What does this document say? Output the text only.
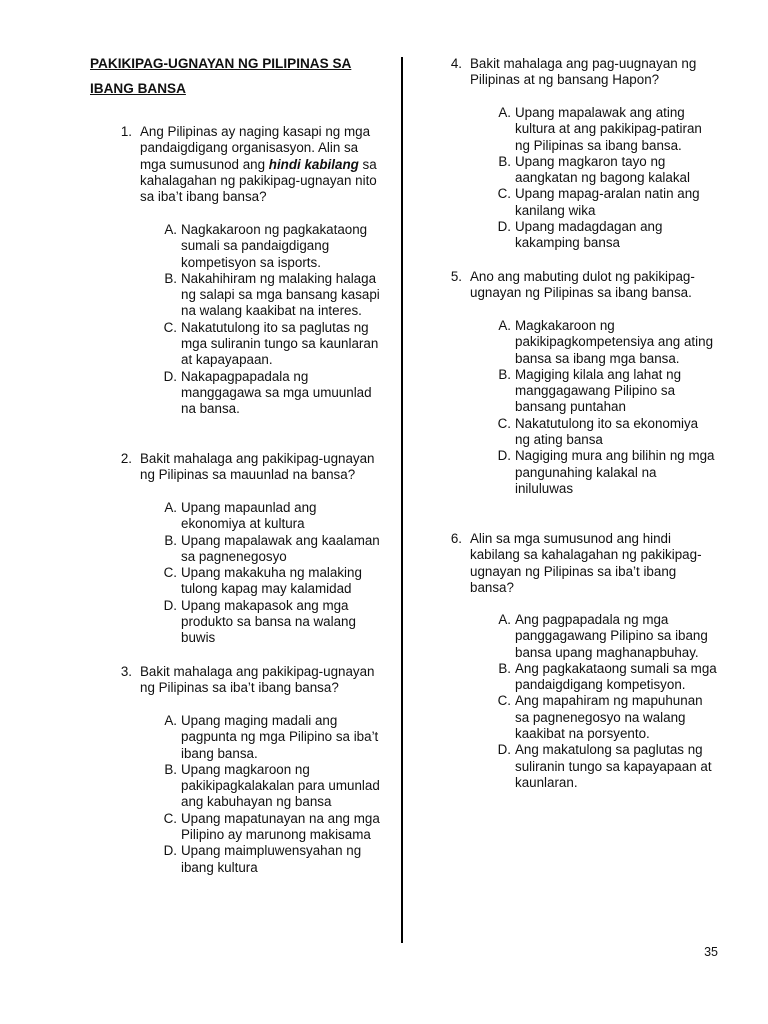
PAKIKIPAG-UGNAYAN NG PILIPINAS SA
IBANG BANSA
1. Ang Pilipinas ay naging kasapi ng mga pandaigdigang organisasyon. Alin sa mga sumusunod ang hindi kabilang sa kahalagahan ng pakikipag-ugnayan nito sa iba’t ibang bansa?
A. Nagkakaroon ng pagkakataong sumali sa pandaigdigang kompetisyon sa isports.
B. Nakahihiram ng malaking halaga ng salapi sa mga bansang kasapi na walang kaakibat na interes.
C. Nakatutulong ito sa paglutas ng mga suliranin tungo sa kaunlaran at kapayapaan.
D. Nakapagpapadala ng manggagawa sa mga umuunlad na bansa.
2. Bakit mahalaga ang pakikipag-ugnayan ng Pilipinas sa mauunlad na bansa?
A. Upang mapaunlad ang ekonomiya at kultura
B. Upang mapalawak ang kaalaman sa pagnenegosyo
C. Upang makakuha ng malaking tulong kapag may kalamidad
D. Upang makapasok ang mga produkto sa bansa na walang buwis
3. Bakit mahalaga ang pakikipag-ugnayan ng Pilipinas sa iba’t ibang bansa?
A. Upang maging madali ang pagpunta ng mga Pilipino sa iba’t ibang bansa.
B. Upang magkaroon ng pakikipagkalakalan para umunlad ang kabuhayan ng bansa
C. Upang mapatunayan na ang mga Pilipino ay marunong makisama
D. Upang maimpluwensyahan ng ibang kultura
4. Bakit mahalaga ang pag-uugnayan ng Pilipinas at ng bansang Hapon?
A. Upang mapalawak ang ating kultura at ang pakikipag-patiran ng Pilipinas sa ibang bansa.
B. Upang magkaron tayo ng aangkatan ng bagong kalakal
C. Upang mapag-aralan natin ang kanilang wika
D. Upang madagdagan ang kakamping bansa
5. Ano ang mabuting dulot ng pakikipag-ugnayan ng Pilipinas sa ibang bansa.
A. Magkakaroon ng pakikipagkompetensiya ang ating bansa sa ibang mga bansa.
B. Magiging kilala ang lahat ng manggagawang Pilipino sa bansang puntahan
C. Nakatutulong ito sa ekonomiya ng ating bansa
D. Nagiging mura ang bilihin ng mga pangunahing kalakal na iniluluwas
6. Alin sa mga sumusunod ang hindi kabilang sa kahalagahan ng pakikipag-ugnayan ng Pilipinas sa iba’t ibang bansa?
A. Ang pagpapadala ng mga panggagawang Pilipino sa ibang bansa upang maghanapbuhay.
B. Ang pagkakataong sumali sa mga pandaigdigang kompetisyon.
C. Ang mapahiram ng mapuhunan sa pagnenegosyo na walang kaakibat na porsyento.
D. Ang makatulong sa paglutas ng suliranin tungo sa kapayapaan at kaunlaran.
35
